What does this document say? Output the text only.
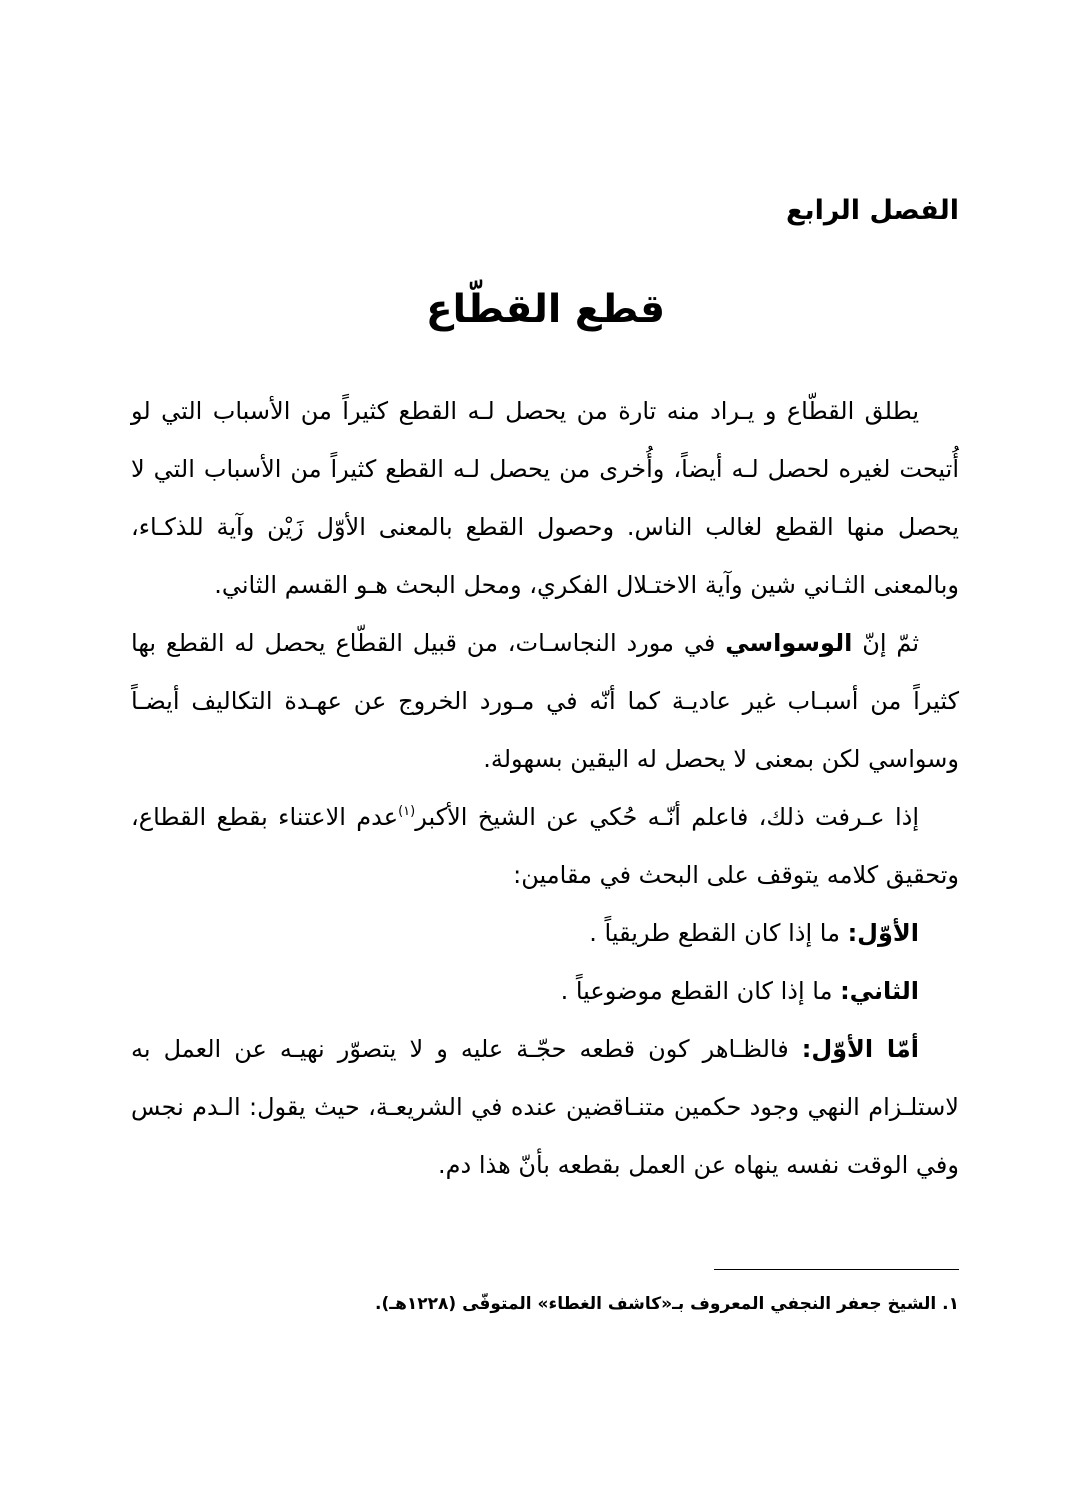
الفصل الرابع
قطع القطّاع

يطلق القطّاع و يـراد منه تارة من يحصل لـه القطع كثيراً من الأسباب التي لو أُتيحت لغيره لحصل لـه أيضاً، وأُخرى من يحصل لـه القطع كثيراً من الأسباب التي لا يحصل منها القطع لغالب الناس. وحصول القطع بالمعنى الأوّل زَيْن وآية للذكـاء، وبالمعنى الثـاني شين وآية الاختـلال الفكري، ومحل البحث هـو القسم الثاني.

ثمّ إنّ الوسواسي في مورد النجاسـات، من قبيل القطّاع يحصل له القطع بها كثيراً من أسبـاب غير عاديـة كما أنّه في مـورد الخروج عن عهـدة التكاليف أيضـاً وسواسي لكن بمعنى لا يحصل له اليقين بسهولة.

إذا عـرفت ذلك، فاعلم أنّـه حُكي عن الشيخ الأكبر$^{(١)}$عدم الاعتناء بقطع القطاع، وتحقيق كلامه يتوقف على البحث في مقامين:

الأوّل: ما إذا كان القطع طريقياً .

الثاني: ما إذا كان القطع موضوعياً .

أمّا الأوّل: فالظـاهر كون قطعه حجّـة عليه و لا يتصوّر نهيـه عن العمل به لاستلـزام النهي وجود حكمين متنـاقضين عنده في الشريعـة، حيث يقول: الـدم نجس وفي الوقت نفسه ينهاه عن العمل بقطعه بأنّ هذا دم.

١. الشيخ جعفر النجفي المعروف بـ«كاشف الغطاء» المتوفّى (١٢٢٨هـ).
